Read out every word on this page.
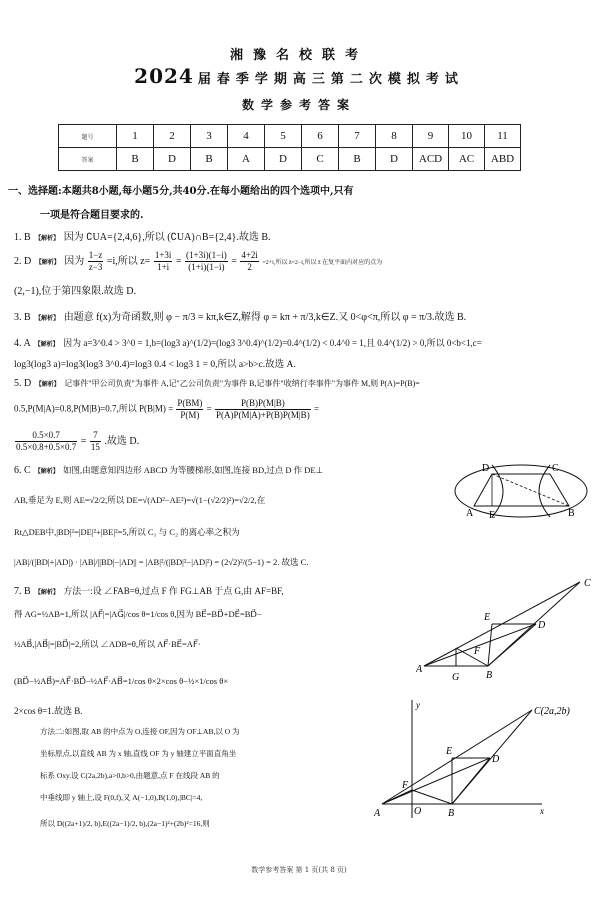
湘豫名校联考
2024 届春季学期高三第二次模拟考试
数学参考答案
题号	1	2	3	4	5	6	7	8	9	10	11
答案	B	D	B	A	D	C	B	D	ACD	AC	ABD
一、选择题:本题共8小题,每小题5分,共40分.在每小题给出的四个选项中,只有
一项是符合题目要求的.
1. B 【解析】 因为 ∁UA={2,4,6},所以 (∁UA)∩B={2,4}.故选 B.
2. D 【解析】 因为 $\frac{1-z}{z-3} =i$,所以 $z= \frac{1+3i}{1+i} = \frac{(1+3i)(1-i)}{(1+i)(1-i)} = \frac{4+2i}{2} =2+i$,所以 z̄=2−i,所以 z̄ 在复平面内对应的点为
(2,−1),位于第四象限.故选 D.
3. B 【解析】 由题意 f(x)为奇函数,则 φ − π/3 = kπ,k∈Z,解得 φ = kπ + π/3,k∈Z.又 0<φ<π,所以 φ = π/3.故选 B.
4. A 【解析】 因为 a=3^0.4 > 3^0 = 1,b=(log3 a)^(1/2)=(log3 3^0.4)^(1/2)=0.4^(1/2) < 0.4^0 = 1,且 0.4^(1/2) > 0,所以 0<b<1,c=
log3(log3 a)=log3(log3 3^0.4)=log3 0.4 < log3 1 = 0,所以 a>b>c.故选 A.
5. D 【解析】 记事件"甲公司负责"为事件 A,记"乙公司负责"为事件 B,记事件"收纳行李事件"为事件 M,则 P(A)=P(B)=
0.5,P(M|A)=0.8,P(M|B)=0.7,所以 $P(B|M) = \frac{P(BM)}{P(M)} = \frac{P(B)P(M|B)}{P(A)P(M|A)+P(B)P(M|B)}$ =
$\frac{0.5\times 0.7}{0.5\times 0.8+0.5\times 0.7} = \frac{7}{15}$ .故选 D.
6. C 【解析】 如图,由题意知四边形 ABCD 为等腰梯形,如图,连接 BD,过点 D 作 DE⊥
AB,垂足为 E,则 AE=√2/2,所以 DE=√(AD²−AE²)=√(1−(√2/2)²)=√2/2,在
Rt△DEB中,|BD|²=|DE|²+|BE|²=5,所以 C₁ 与 C₂ 的离心率之积为
|AB|/(|BD|+|AD|) · |AB|/||BD|−|AD|| = |AB|²/(|BD|²−|AD|²) = (2√2)²/(5−1) = 2. 故选 C.
D	C
A E	B
7. B 【解析】 方法一:设 ∠FAB=θ,过点 F 作 FG⊥AB 于点 G,由 AF=BF,
得 AG=½AB=1,所以 |AF⃗|=|AG⃗|/cos θ=1/cos θ,因为 BE⃗=BD⃗+DE⃗=BD⃗−
½AB⃗,|AB⃗|=|BD⃗|=2,所以 ∠ADB=θ,所以 AF⃗·BE⃗=AF⃗·
(BD⃗−½AB⃗)=AF⃗·BD⃗−½AF⃗·AB⃗=1/cos θ×2×cos θ−½×1/cos θ×
2×cos θ=1.故选 B.
方法二:如图,取 AB 的中点为 O,连接 OF,因为 OF⊥AB,以 O 为
坐标原点,以直线 AB 为 x 轴,直线 OF 为 y 轴建立平面直角坐
标系 Oxy.设 C(2a,2b),a>0,b>0,由题意,点 F 在线段 AB 的
中垂线即 y 轴上,设 F(0,f),又 A(−1,0),B(1,0),|BC|=4,
所以 D((2a+1)/2, b),E((2a−1)/2, b),(2a−1)²+(2b)²=16,则
C
F
D
E
A
G	B
y
C(2a,2b)
E
D
F
A	O	B	x
数学参考答案 第 1 页(共 8 页)
